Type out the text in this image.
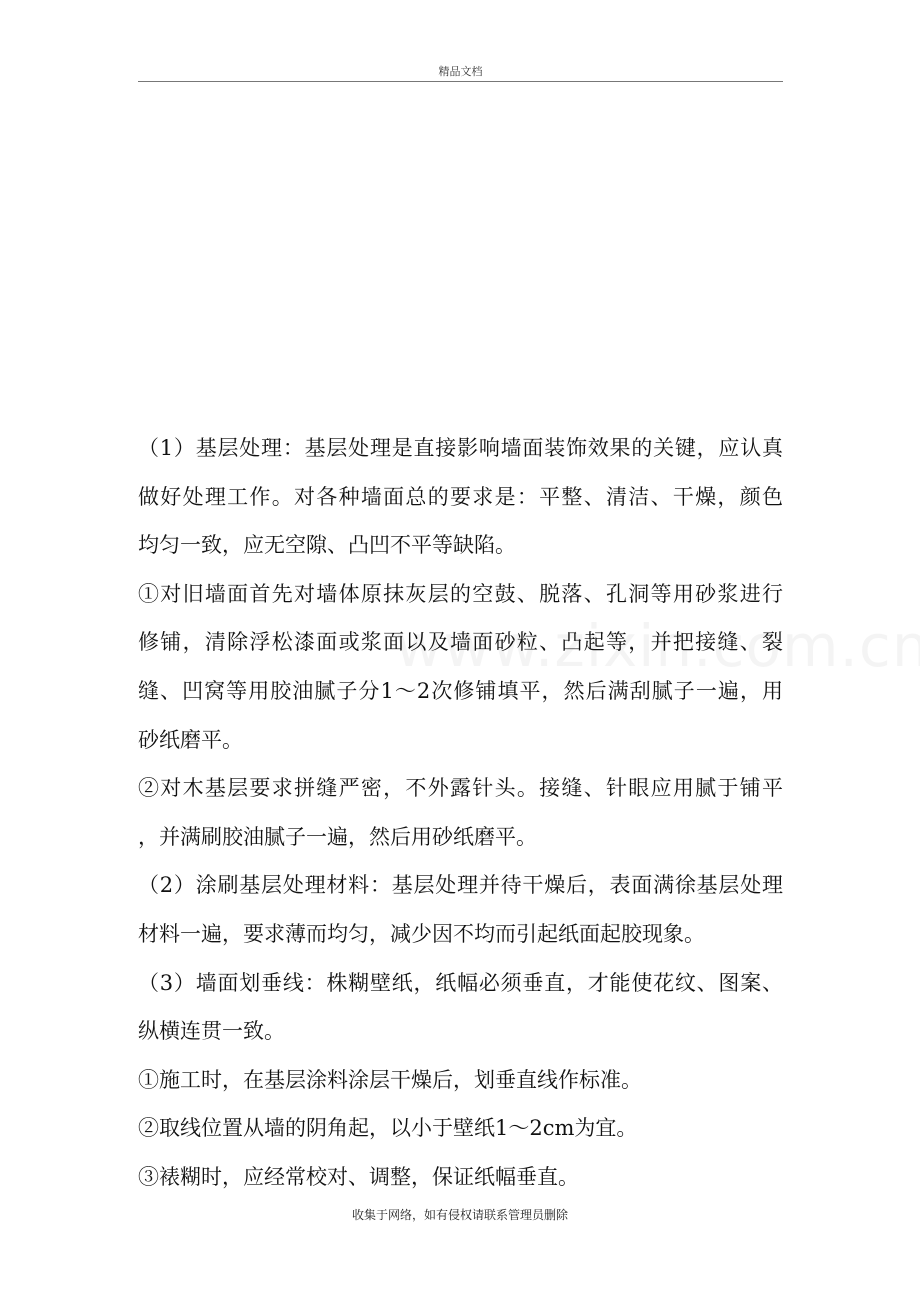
精品文档
（1）基层处理：基层处理是直接影响墙面装饰效果的关键，应认真
做好处理工作。对各种墙面总的要求是：平整、清洁、干燥，颜色
均匀一致，应无空隙、凸凹不平等缺陷。
①对旧墙面首先对墙体原抹灰层的空鼓、脱落、孔洞等用砂浆进行
修铺，清除浮松漆面或浆面以及墙面砂粒、凸起等，并把接缝、裂
缝、凹窝等用胶油腻子分1～2次修铺填平，然后满刮腻子一遍，用
砂纸磨平。
②对木基层要求拼缝严密，不外露针头。接缝、针眼应用腻于铺平
，并满刷胶油腻子一遍，然后用砂纸磨平。
（2）涂刷基层处理材料：基层处理并待干燥后，表面满徐基层处理
材料一遍，要求薄而均匀，减少因不均而引起纸面起胶现象。
（3）墙面划垂线：株糊壁纸，纸幅必须垂直，才能使花纹、图案、
纵横连贯一致。
①施工时，在基层涂料涂层干燥后，划垂直线作标准。
②取线位置从墙的阴角起，以小于壁纸1～2cm为宜。
③裱糊时，应经常校对、调整，保证纸幅垂直。
收集于网络，如有侵权请联系管理员删除
